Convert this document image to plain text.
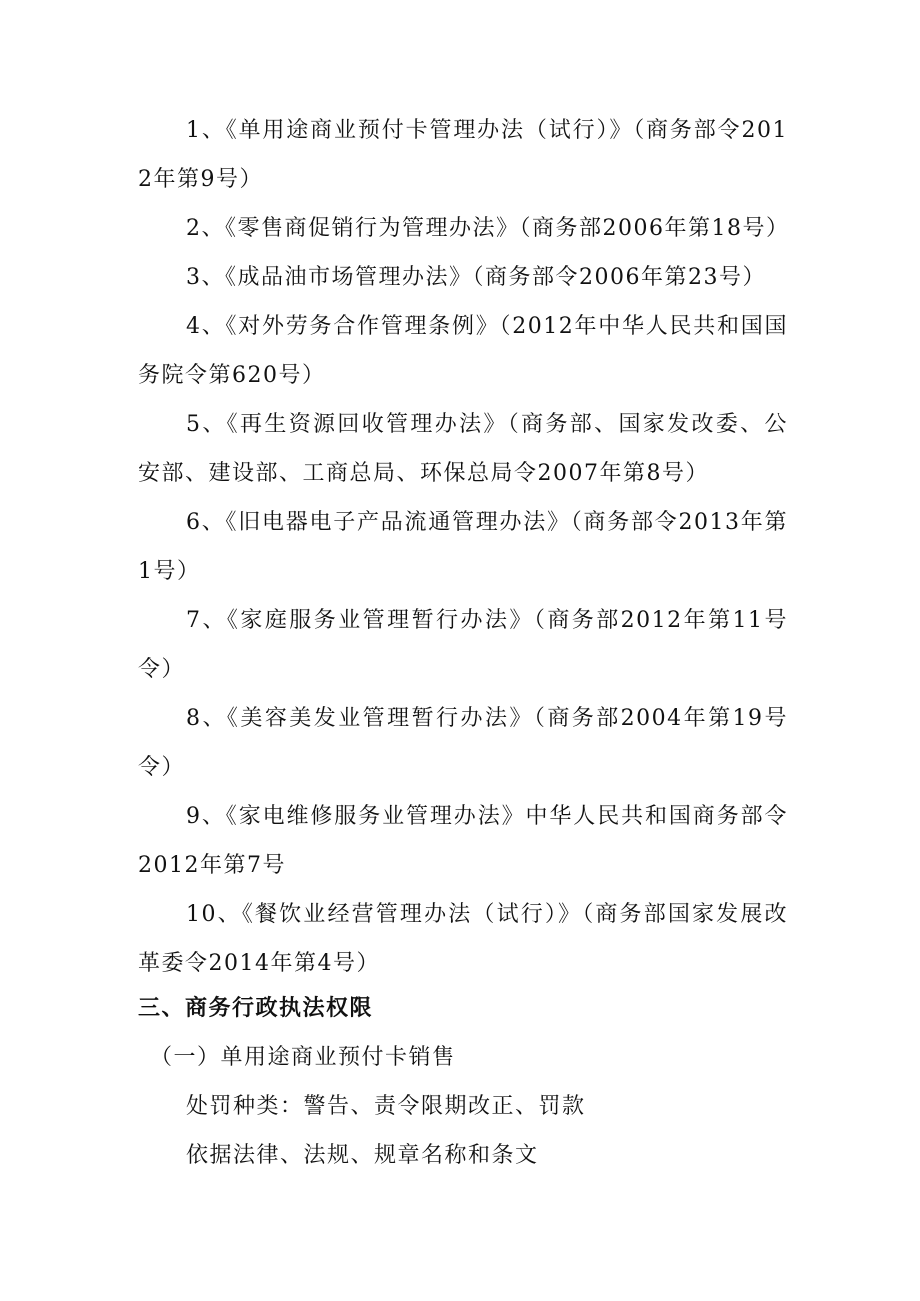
1、《单用途商业预付卡管理办法（试行）》（商务部令2012年第9号）
2、《零售商促销行为管理办法》（商务部2006年第18号）
3、《成品油市场管理办法》（商务部令2006年第23号）
4、《对外劳务合作管理条例》（2012年中华人民共和国国务院令第620号）
5、《再生资源回收管理办法》（商务部、国家发改委、公安部、建设部、工商总局、环保总局令2007年第8号）
6、《旧电器电子产品流通管理办法》（商务部令2013年第1号）
7、《家庭服务业管理暂行办法》（商务部2012年第11号令）
8、《美容美发业管理暂行办法》（商务部2004年第19号令）
9、《家电维修服务业管理办法》中华人民共和国商务部令2012年第7号
10、《餐饮业经营管理办法（试行）》（商务部国家发展改革委令2014年第4号）
三、商务行政执法权限
（一）单用途商业预付卡销售
处罚种类：警告、责令限期改正、罚款
依据法律、法规、规章名称和条文
